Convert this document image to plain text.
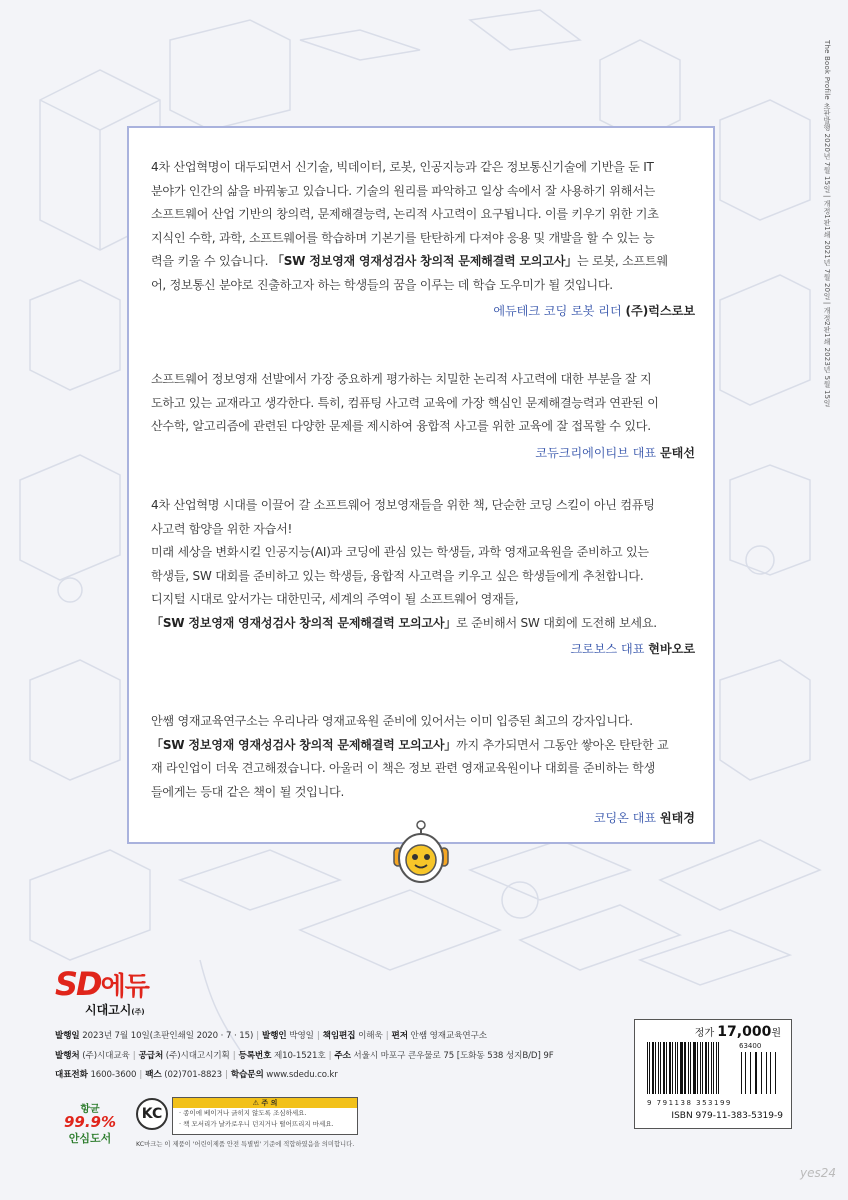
The Book Profile 초판발행 2020년 7월 15일 | 개정1판1쇄 2021년 7월 20일 | 개정2판1쇄 2023년 5월 15일
4차 산업혁명이 대두되면서 신기술, 빅데이터, 로봇, 인공지능과 같은 정보통신기술에 기반을 둔 IT
분야가 인간의 삶을 바꿔놓고 있습니다. 기술의 원리를 파악하고 일상 속에서 잘 사용하기 위해서는
소프트웨어 산업 기반의 창의력, 문제해결능력, 논리적 사고력이 요구됩니다. 이를 키우기 위한 기초
지식인 수학, 과학, 소프트웨어를 학습하며 기본기를 탄탄하게 다져야 응용 및 개발을 할 수 있는 능
력을 키울 수 있습니다. 「SW 정보영재 영재성검사 창의적 문제해결력 모의고사」는 로봇, 소프트웨
어, 정보통신 분야로 진출하고자 하는 학생들의 꿈을 이루는 데 학습 도우미가 될 것입니다.
에듀테크 코딩 로봇 리더 (주)럭스로보
소프트웨어 정보영재 선발에서 가장 중요하게 평가하는 치밀한 논리적 사고력에 대한 부분을 잘 지
도하고 있는 교재라고 생각한다. 특히, 컴퓨팅 사고력 교육에 가장 핵심인 문제해결능력과 연관된 이
산수학, 알고리즘에 관련된 다양한 문제를 제시하여 융합적 사고를 위한 교육에 잘 접목할 수 있다.
코듀크리에이티브 대표 문태선
4차 산업혁명 시대를 이끌어 갈 소프트웨어 정보영재들을 위한 책, 단순한 코딩 스킬이 아닌 컴퓨팅
사고력 함양을 위한 자습서!
미래 세상을 변화시킬 인공지능(AI)과 코딩에 관심 있는 학생들, 과학 영재교육원을 준비하고 있는
학생들, SW 대회를 준비하고 있는 학생들, 융합적 사고력을 키우고 싶은 학생들에게 추천합니다.
디지털 시대로 앞서가는 대한민국, 세계의 주역이 될 소프트웨어 영재들,
「SW 정보영재 영재성검사 창의적 문제해결력 모의고사」로 준비해서 SW 대회에 도전해 보세요.
크로보스 대표 현바오로
안쌤 영재교육연구소는 우리나라 영재교육원 준비에 있어서는 이미 입증된 최고의 강자입니다.
「SW 정보영재 영재성검사 창의적 문제해결력 모의고사」까지 추가되면서 그동안 쌓아온 탄탄한 교
재 라인업이 더욱 견고해졌습니다. 아울러 이 책은 정보 관련 영재교육원이나 대회를 준비하는 학생
들에게는 등대 같은 책이 될 것입니다.
코딩온 대표 원태경
SD에듀
시대고시(주)
발행일 2023년 7월 10일(초판인쇄일 2020 · 7 · 15) | 발행인 박영일 | 책임편집 이해욱 | 편저 안쌤 영재교육연구소
발행처 (주)시대교육 | 공급처 (주)시대고시기획 | 등록번호 제10-1521호 | 주소 서울시 마포구 큰우물로 75 [도화동 538 성지B/D] 9F
대표전화 1600-3600 | 팩스 (02)701-8823 | 학습문의 www.sdedu.co.kr
항균
99.9%
안심도서
KC
⚠ 주 의
· 종이에 베이거나 긁히지 않도록 조심하세요.
· 책 모서리가 날카로우니 던지거나 떨어뜨리지 마세요.
KC마크는 이 제품이 '어린이제품 안전 특별법' 기준에 적합하였음을 의미합니다.
정가 17,000원
63400
9 791138 353199
ISBN 979-11-383-5319-9
yes24
